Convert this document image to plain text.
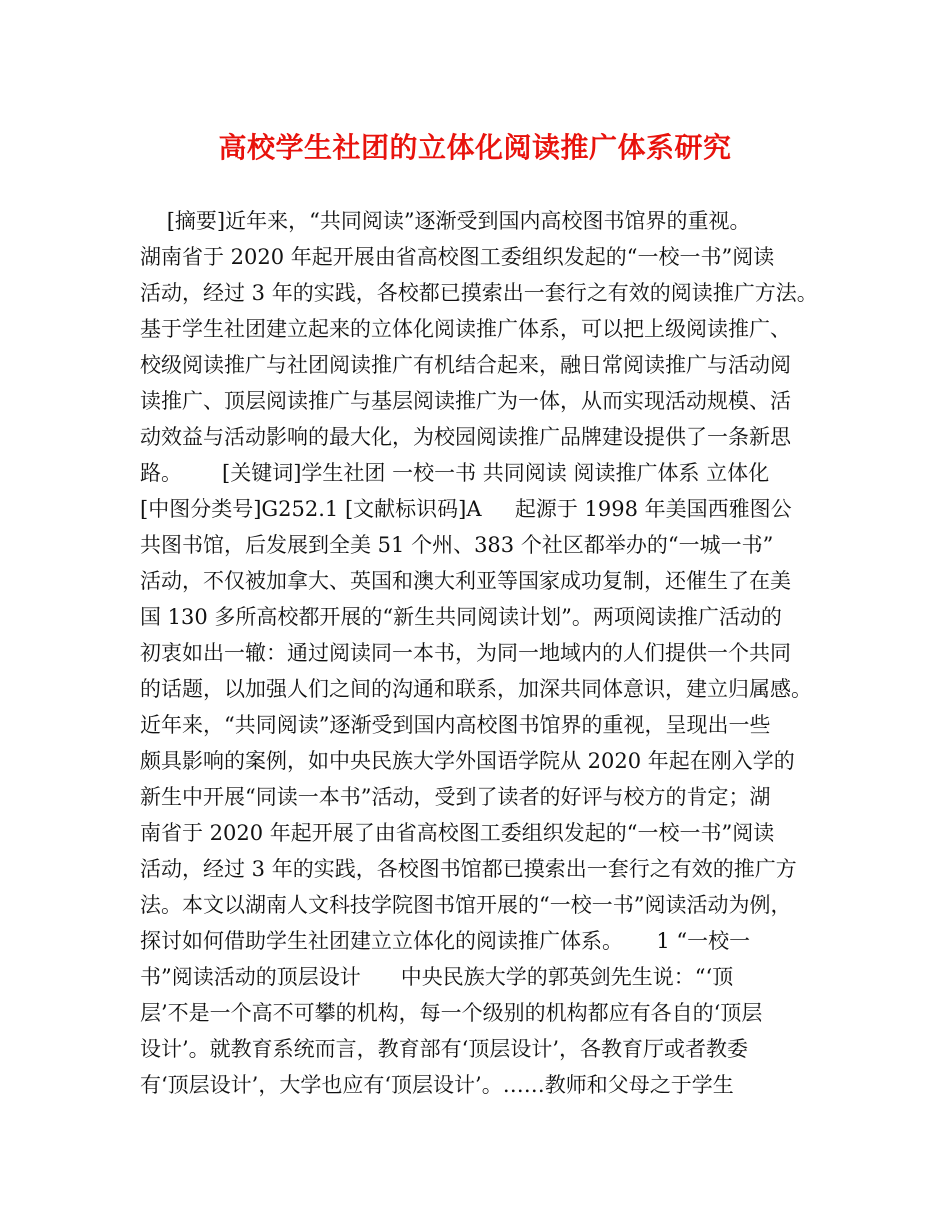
高校学生社团的立体化阅读推广体系研究
[摘要]近年来，“共同阅读”逐渐受到国内高校图书馆界的重视。
湖南省于 2020 年起开展由省高校图工委组织发起的“一校一书”阅读
活动，经过 3 年的实践，各校都已摸索出一套行之有效的阅读推广方法。
基于学生社团建立起来的立体化阅读推广体系，可以把上级阅读推广、
校级阅读推广与社团阅读推广有机结合起来，融日常阅读推广与活动阅
读推广、顶层阅读推广与基层阅读推广为一体，从而实现活动规模、活
动效益与活动影响的最大化，为校园阅读推广品牌建设提供了一条新思
路。      [关键词]学生社团 一校一书 共同阅读 阅读推广体系 立体化
[中图分类号]G252.1 [文献标识码]A     起源于 1998 年美国西雅图公
共图书馆，后发展到全美 51 个州、383 个社区都举办的“一城一书”
活动，不仅被加拿大、英国和澳大利亚等国家成功复制，还催生了在美
国 130 多所高校都开展的“新生共同阅读计划”。两项阅读推广活动的
初衷如出一辙：通过阅读同一本书，为同一地域内的人们提供一个共同
的话题，以加强人们之间的沟通和联系，加深共同体意识，建立归属感。
近年来，“共同阅读”逐渐受到国内高校图书馆界的重视，呈现出一些
颇具影响的案例，如中央民族大学外国语学院从 2020 年起在刚入学的
新生中开展“同读一本书”活动，受到了读者的好评与校方的肯定；湖
南省于 2020 年起开展了由省高校图工委组织发起的“一校一书”阅读
活动，经过 3 年的实践，各校图书馆都已摸索出一套行之有效的推广方
法。本文以湖南人文科技学院图书馆开展的“一校一书”阅读活动为例，
探讨如何借助学生社团建立立体化的阅读推广体系。     1 “一校一
书”阅读活动的顶层设计      中央民族大学的郭英剑先生说：“‘顶
层’不是一个高不可攀的机构，每一个级别的机构都应有各自的‘顶层
设计’。就教育系统而言，教育部有‘顶层设计’，各教育厅或者教委
有‘顶层设计’，大学也应有‘顶层设计’。……教师和父母之于学生
